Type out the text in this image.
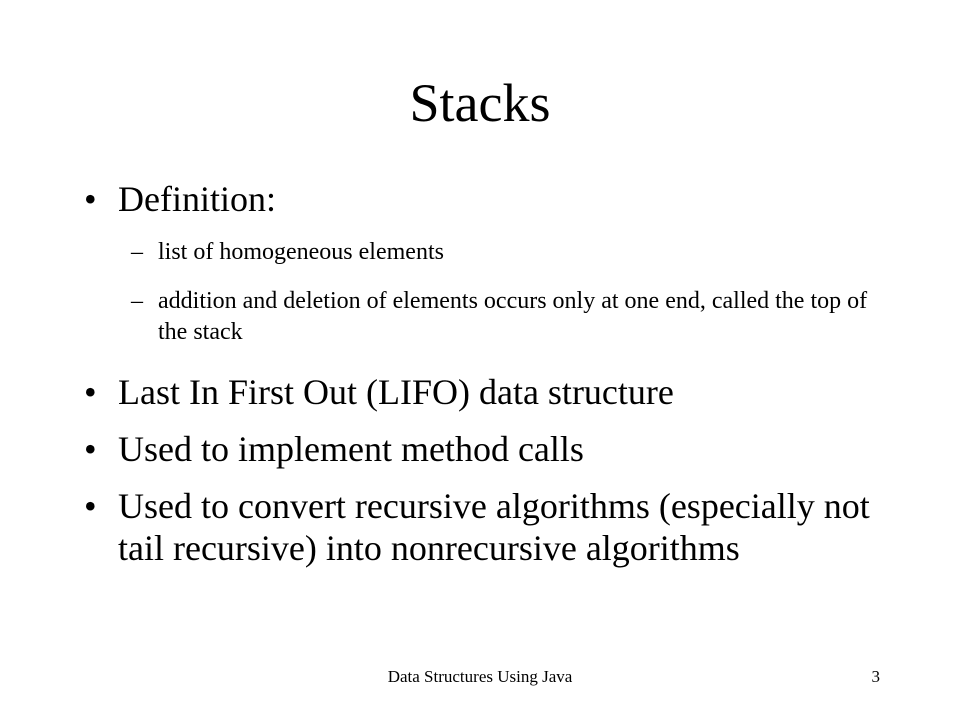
Stacks
• Definition:
– list of homogeneous elements
– addition and deletion of elements occurs only at one end, called the top of the stack
• Last In First Out (LIFO) data structure
• Used to implement method calls
• Used to convert recursive algorithms (especially not tail recursive) into nonrecursive algorithms
Data Structures Using Java	3
